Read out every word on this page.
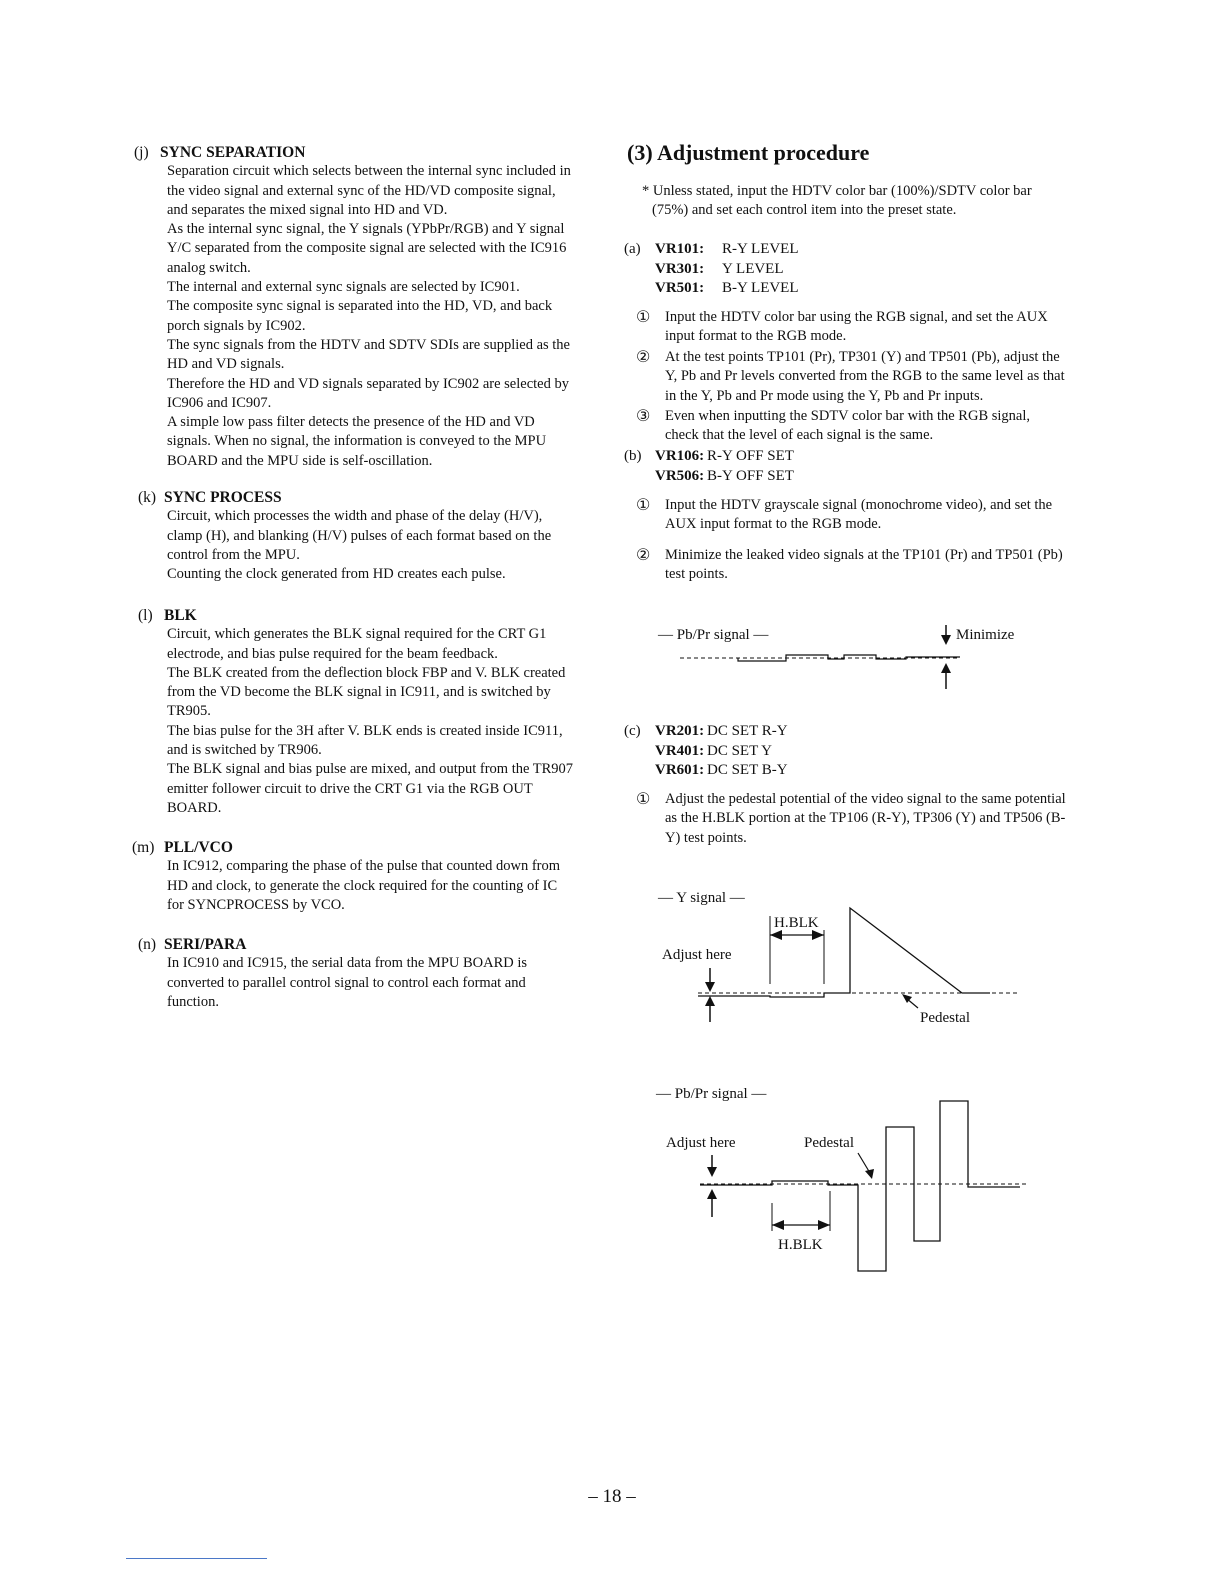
(j) SYNC SEPARATION

Separation circuit which selects between the internal sync included in the video signal and external sync of the HD/VD composite signal, and separates the mixed signal into HD and VD.

As the internal sync signal, the Y signals (YPbPr/RGB) and Y signal Y/C separated from the composite signal are selected with the IC916 analog switch.

The internal and external sync signals are selected by IC901.

The composite sync signal is separated into the HD, VD, and back porch signals by IC902.

The sync signals from the HDTV and SDTV SDIs are supplied as the HD and VD signals.

Therefore the HD and VD signals separated by IC902 are selected by IC906 and IC907.

A simple low pass filter detects the presence of the HD and VD signals. When no signal, the information is conveyed to the MPU BOARD and the MPU side is self-oscillation.

(k) SYNC PROCESS

Circuit, which processes the width and phase of the delay (H/V), clamp (H), and blanking (H/V) pulses of each format based on the control from the MPU.

Counting the clock generated from HD creates each pulse.

(l) BLK

Circuit, which generates the BLK signal required for the CRT G1 electrode, and bias pulse required for the beam feedback.

The BLK created from the deflection block FBP and V. BLK created from the VD become the BLK signal in IC911, and is switched by TR905.

The bias pulse for the 3H after V. BLK ends is created inside IC911, and is switched by TR906.

The BLK signal and bias pulse are mixed, and output from the TR907 emitter follower circuit to drive the CRT G1 via the RGB OUT BOARD.

(m) PLL/VCO

In IC912, comparing the phase of the pulse that counted down from HD and clock, to generate the clock required for the counting of IC for SYNCPROCESS by VCO.

(n) SERI/PARA

In IC910 and IC915, the serial data from the MPU BOARD is converted to parallel control signal to control each format and function.

(3) Adjustment procedure
* Unless stated, input the HDTV color bar (100%)/SDTV color bar (75%) and set each control item into the preset state.
(a) VR101: R-Y LEVEL
VR301: Y LEVEL
VR501: B-Y LEVEL
① Input the HDTV color bar using the RGB signal, and set the AUX input format to the RGB mode.
② At the test points TP101 (Pr), TP301 (Y) and TP501 (Pb), adjust the Y, Pb and Pr levels converted from the RGB to the same level as that in the Y, Pb and Pr mode using the Y, Pb and Pr inputs.
③ Even when inputting the SDTV color bar with the RGB signal, check that the level of each signal is the same.
(b) VR106: R-Y OFF SET
VR506: B-Y OFF SET
① Input the HDTV grayscale signal (monochrome video), and set the AUX input format to the RGB mode.
② Minimize the leaked video signals at the TP101 (Pr) and TP501 (Pb) test points.
— Pb/Pr signal —	Minimize
(c) VR201: DC SET R-Y
VR401: DC SET Y
VR601: DC SET B-Y
① Adjust the pedestal potential of the video signal to the same potential as the H.BLK portion at the TP106 (R-Y), TP306 (Y) and TP506 (B-Y) test points.
— Y signal —
H.BLK
Adjust here
Pedestal
— Pb/Pr signal —
Adjust here	Pedestal
H.BLK
– 18 –
